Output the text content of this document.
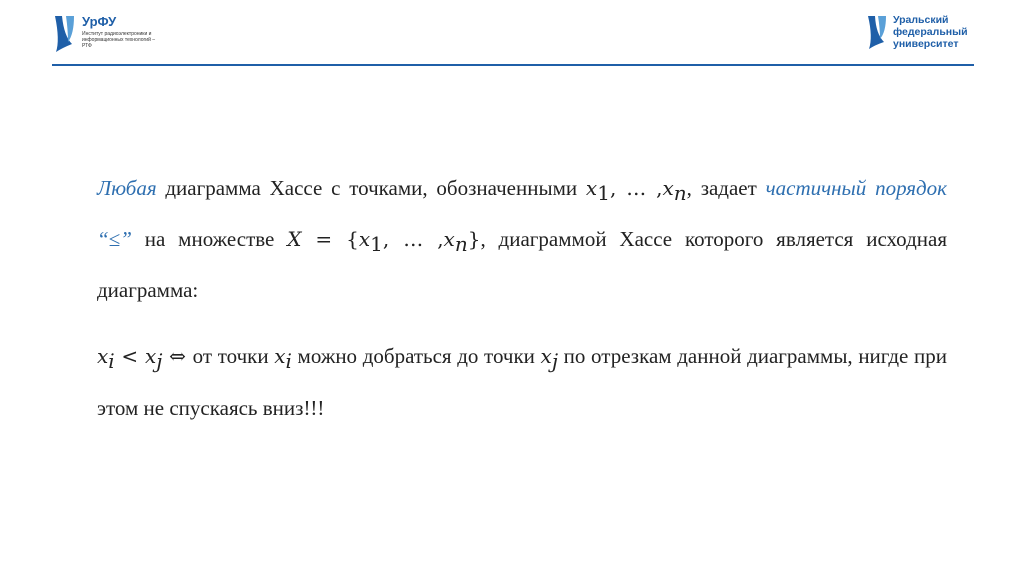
УрФУ
Институт радиоэлектроники и информационных технологий – РТФ
Уральский
федеральный
университет

Любая диаграмма Хассе с точками, обозначенными $x_1$, … $,x_n$, задает частичный порядок “≤” на множестве $X = \{x_1$, … $,x_n$}, диаграммой Хассе которого является исходная диаграмма:

$x_i < x_j$ ⇔ от точки $x_i$ можно добраться до точки $x_j$ по отрезкам данной диаграммы, нигде при этом не спускаясь вниз!!!
